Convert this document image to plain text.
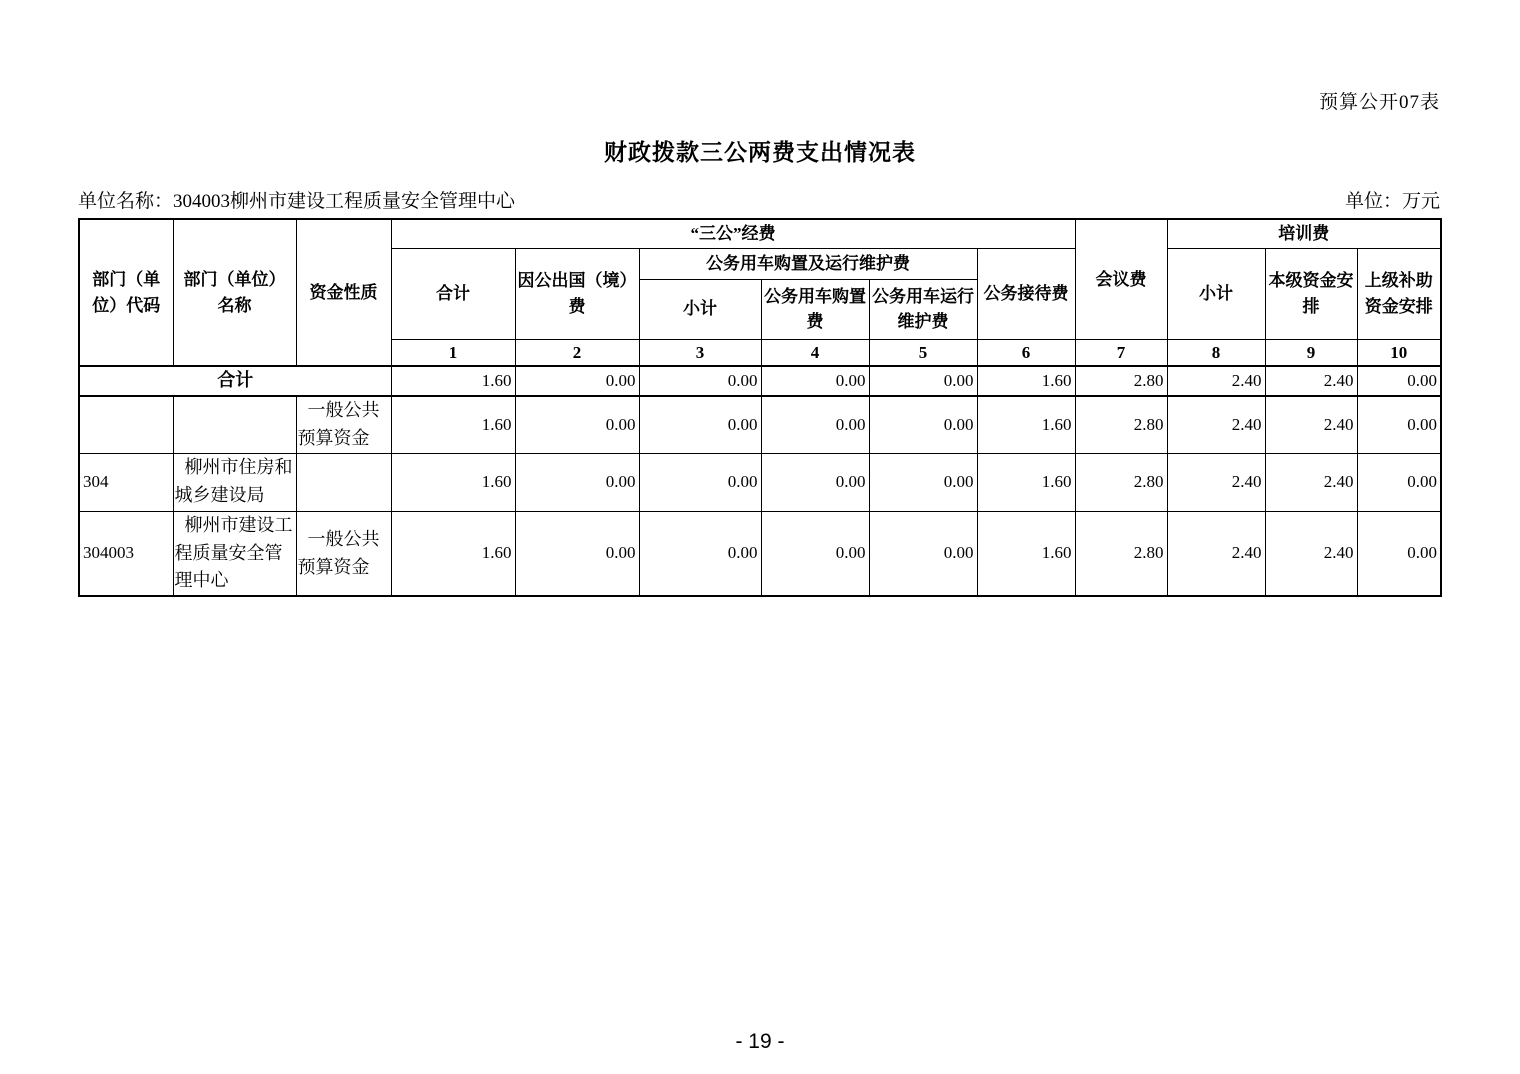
预算公开07表
财政拨款三公两费支出情况表
单位名称：304003柳州市建设工程质量安全管理中心	单位：万元
部门（单位）代码	部门（单位）名称	资金性质	“三公”经费						会议费	培训费		
			合计	因公出国（境）费	公务用车购置及运行维护费			公务接待费		小计	本级资金安排	上级补助资金安排
					小计	公务用车购置费	公务用车运行维护费					
			1	2	3	4	5	6	7	8	9	10
合计			1.60	0.00	0.00	0.00	0.00	1.60	2.80	2.40	2.40	0.00
		一般公共预算资金	1.60	0.00	0.00	0.00	0.00	1.60	2.80	2.40	2.40	0.00
304	柳州市住房和城乡建设局		1.60	0.00	0.00	0.00	0.00	1.60	2.80	2.40	2.40	0.00
304003	柳州市建设工程质量安全管理中心	一般公共预算资金	1.60	0.00	0.00	0.00	0.00	1.60	2.80	2.40	2.40	0.00
- 19 -
